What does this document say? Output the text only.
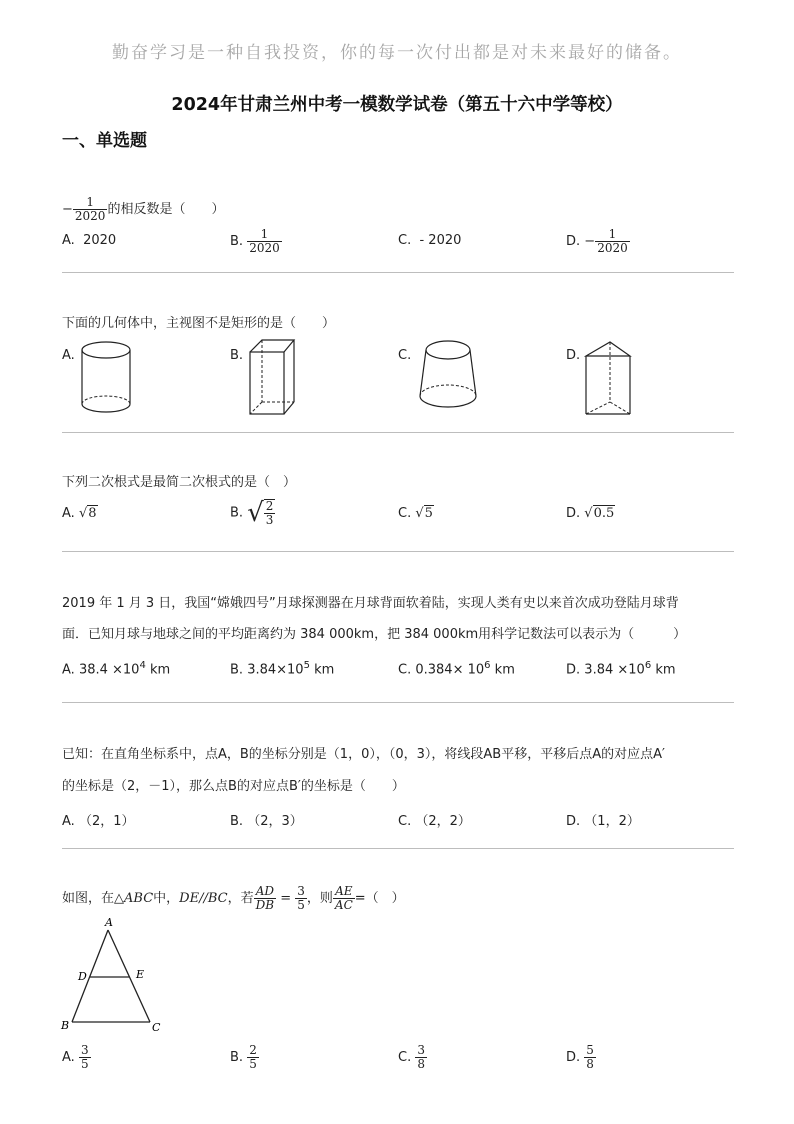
勤奋学习是一种自我投资，你的每一次付出都是对未来最好的储备。
2024年甘肃兰州中考一模数学试卷（第五十六中学等校）
一、单选题
− $\frac{1}{2020}$ 的相反数是（　　）
A. 2020	B. $\frac{1}{2020}$	C. - 2020	D. − $\frac{1}{2020}$
下面的几何体中，主视图不是矩形的是（　　）
A.	B.	C.	D.
下列二次根式是最简二次根式的是（　）
A. √8	B. √ $\frac{2}{3}$	C. √5	D. √0.5
2019 年 1 月 3 日，我国“嫦娥四号”月球探测器在月球背面软着陆，实现人类有史以来首次成功登陆月球背
面．已知月球与地球之间的平均距离约为 384 000km，把 384 000km用科学记数法可以表示为（　　　）
A. $38.4 \times 10^4$ km	B. $3.84\times 10^5$ km	C. $0.384\times 10^6$ km	D. $3.84 \times 10^6$ km
已知：在直角坐标系中，点A，B的坐标分别是（1，0），（0，3），将线段AB平移，平移后点A的对应点A′
的坐标是（2，－1），那么点B的对应点B′的坐标是（　　）
A. （2，1）	B. （2，3）	C. （2，2）	D. （1，2）
如图，在△ABC中，DE//BC，若 $\frac{AD}{DB} = \frac{3}{5}$ ，则 $\frac{AE}{AC}$ =（　）
A
D	E
B	C
A. $\frac{3}{5}$	B. $\frac{2}{5}$	C. $\frac{3}{8}$	D. $\frac{5}{8}$
